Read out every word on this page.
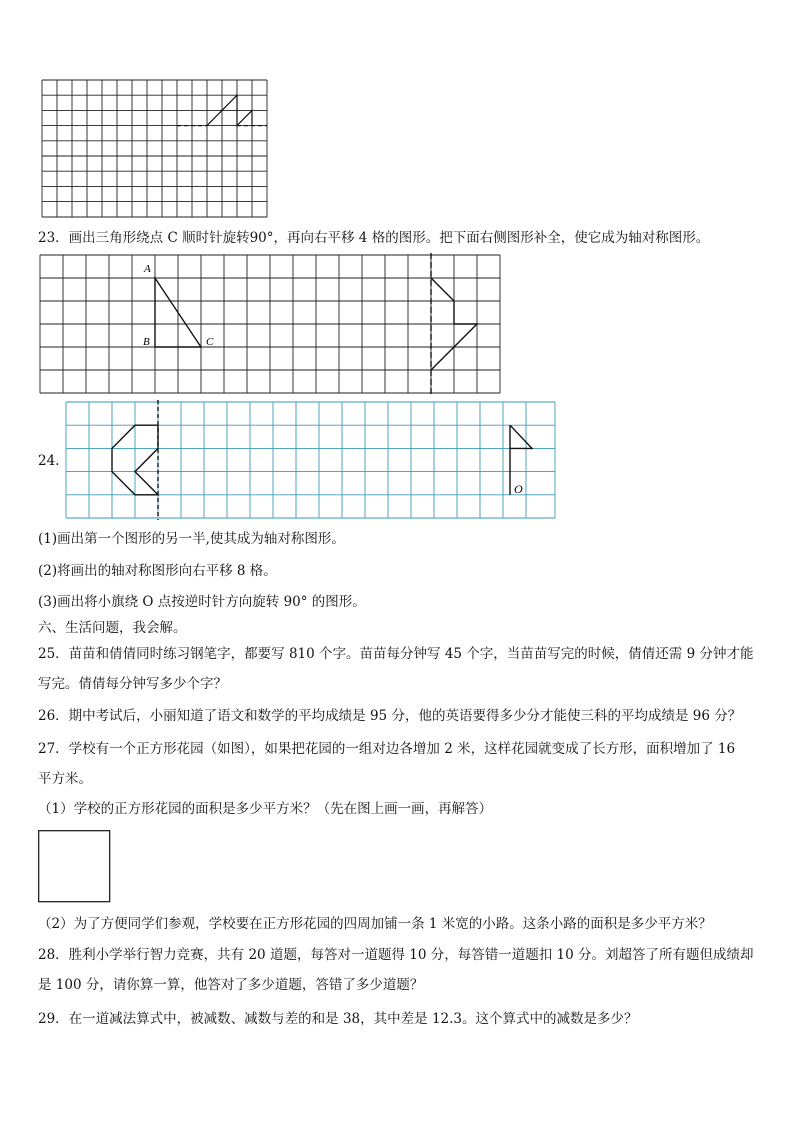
23．画出三角形绕点 C 顺时针旋转90°，再向右平移 4 格的图形。把下面右侧图形补全，使它成为轴对称图形。
A
B	C
24.
O
(1)画出第一个图形的另一半,使其成为轴对称图形。
(2)将画出的轴对称图形向右平移 8 格。
(3)画出将小旗绕 O 点按逆时针方向旋转 90° 的图形。
六、生活问题，我会解。
25．苗苗和倩倩同时练习钢笔字，都要写 810 个字。苗苗每分钟写 45 个字，当苗苗写完的时候，倩倩还需 9 分钟才能
写完。倩倩每分钟写多少个字？
26．期中考试后，小丽知道了语文和数学的平均成绩是 95 分，他的英语要得多少分才能使三科的平均成绩是 96 分？
27．学校有一个正方形花园（如图），如果把花园的一组对边各增加 2 米，这样花园就变成了长方形，面积增加了 16
平方米。
（1）学校的正方形花园的面积是多少平方米？（先在图上画一画，再解答）
（2）为了方便同学们参观，学校要在正方形花园的四周加铺一条 1 米宽的小路。这条小路的面积是多少平方米？
28．胜利小学举行智力竞赛，共有 20 道题，每答对一道题得 10 分，每答错一道题扣 10 分。刘超答了所有题但成绩却
是 100 分，请你算一算，他答对了多少道题，答错了多少道题？
29．在一道减法算式中，被减数、减数与差的和是 38，其中差是 12.3。这个算式中的减数是多少？
